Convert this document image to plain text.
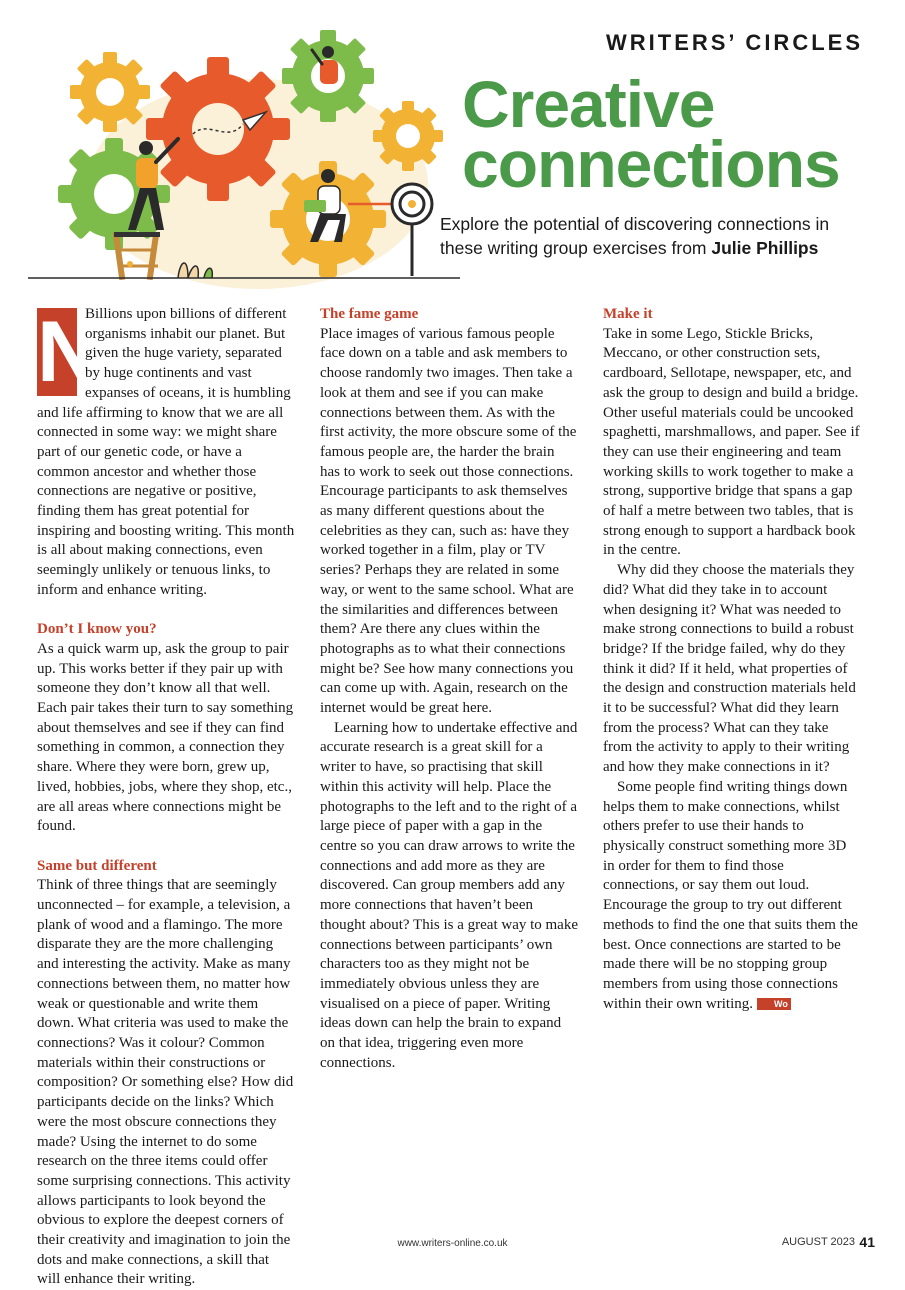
WRITERS’ CIRCLES
Creative
connections
Explore the potential of discovering connections in these writing group exercises from Julie Phillips
N

Billions upon billions of different organisms inhabit our planet. But given the huge variety, separated by huge continents and vast expanses of oceans, it is humbling and life affirming to know that we are all connected in some way: we might share part of our genetic code, or have a common ancestor and whether those connections are negative or positive, finding them has great potential for inspiring and boosting writing. This month is all about making connections, even seemingly unlikely or tenuous links, to inform and enhance writing.

Don’t I know you?

As a quick warm up, ask the group to pair up. This works better if they pair up with someone they don’t know all that well. Each pair takes their turn to say something about themselves and see if they can find something in common, a connection they share. Where they were born, grew up, lived, hobbies, jobs, where they shop, etc., are all areas where connections might be found.

Same but different

Think of three things that are seemingly unconnected – for example, a television, a plank of wood and a flamingo. The more disparate they are the more challenging and interesting the activity. Make as many connections between them, no matter how weak or questionable and write them down. What criteria was used to make the connections? Was it colour? Common materials within their constructions or composition? Or something else? How did participants decide on the links? Which were the most obscure connections they made? Using the internet to do some research on the three items could offer some surprising connections. This activity allows participants to look beyond the obvious to explore the deepest corners of their creativity and imagination to join the dots and make connections, a skill that will enhance their writing.

The fame game

Place images of various famous people face down on a table and ask members to choose randomly two images. Then take a look at them and see if you can make connections between them. As with the first activity, the more obscure some of the famous people are, the harder the brain has to work to seek out those connections. Encourage participants to ask themselves as many different questions about the celebrities as they can, such as: have they worked together in a film, play or TV series? Perhaps they are related in some way, or went to the same school. What are the similarities and differences between them? Are there any clues within the photographs as to what their connections might be? See how many connections you can come up with. Again, research on the internet would be great here.

Learning how to undertake effective and accurate research is a great skill for a writer to have, so practising that skill within this activity will help. Place the photographs to the left and to the right of a large piece of paper with a gap in the centre so you can draw arrows to write the connections and add more as they are discovered. Can group members add any more connections that haven’t been thought about? This is a great way to make connections between participants’ own characters too as they might not be immediately obvious unless they are visualised on a piece of paper. Writing ideas down can help the brain to expand on that idea, triggering even more connections.

Make it

Take in some Lego, Stickle Bricks, Meccano, or other construction sets, cardboard, Sellotape, newspaper, etc, and ask the group to design and build a bridge. Other useful materials could be uncooked spaghetti, marshmallows, and paper. See if they can use their engineering and team working skills to work together to make a strong, supportive bridge that spans a gap of half a metre between two tables, that is strong enough to support a hardback book in the centre.

Why did they choose the materials they did? What did they take in to account when designing it? What was needed to make strong connections to build a robust bridge? If the bridge failed, why do they think it did? If it held, what properties of the design and construction materials held it to be successful? What did they learn from the process? What can they take from the activity to apply to their writing and how they make connections in it?

Some people find writing things down helps them to make connections, whilst others prefer to use their hands to physically construct something more 3D in order for them to find those connections, or say them out loud. Encourage the group to try out different methods to find the one that suits them the best. Once connections are started to be made there will be no stopping group members from using those connections within their own writing. Wo

www.writers-online.co.uk	AUGUST 2023 41
